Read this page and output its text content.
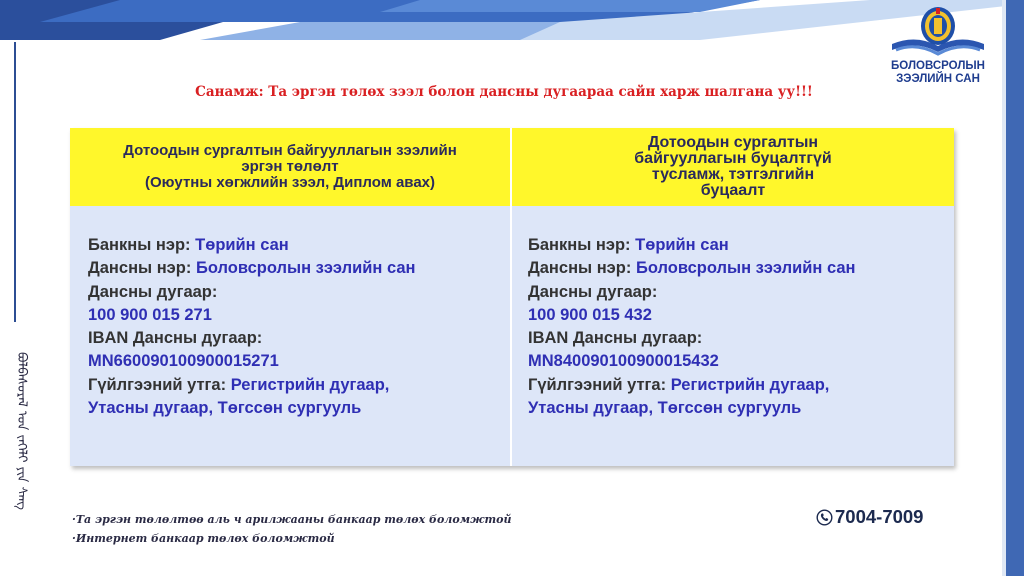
ᠪᠣᠯᠪᠠᠰᠤᠷᠠᠯ ᠤᠨ ᠵᠡᠭᠡᠯᠢ ᠶᠢᠨ ᠰᠠᠩ
БОЛОВСРОЛЫН
ЗЭЭЛИЙН САН
Санамж: Та эргэн төлөх зээл болон дансны дугаараа сайн харж шалгана уу!!!
Дотоодын сургалтын байгууллагын зээлийн
эргэн төлөлт
(Оюутны хөгжлийн зээл, Диплом авах)
Дотоодын сургалтын
байгууллагын буцалтгүй
тусламж, тэтгэлгийн
буцаалт
Банкны нэр: Төрийн сан
Дансны нэр: Боловсролын зээлийн сан
Дансны дугаар:
100 900 015 271
IBAN Дансны дугаар:
MN660090100900015271
Гүйлгээний утга: Регистрийн дугаар,
Утасны дугаар, Төгссөн сургууль
Банкны нэр: Төрийн сан
Дансны нэр: Боловсролын зээлийн сан
Дансны дугаар:
100 900 015 432
IBAN Дансны дугаар:
MN840090100900015432
Гүйлгээний утга: Регистрийн дугаар,
Утасны дугаар, Төгссөн сургууль
·Та эргэн төлөлтөө аль ч арилжааны банкаар төлөх боломжтой
·Интернет банкаар төлөх боломжтой
7004-7009
